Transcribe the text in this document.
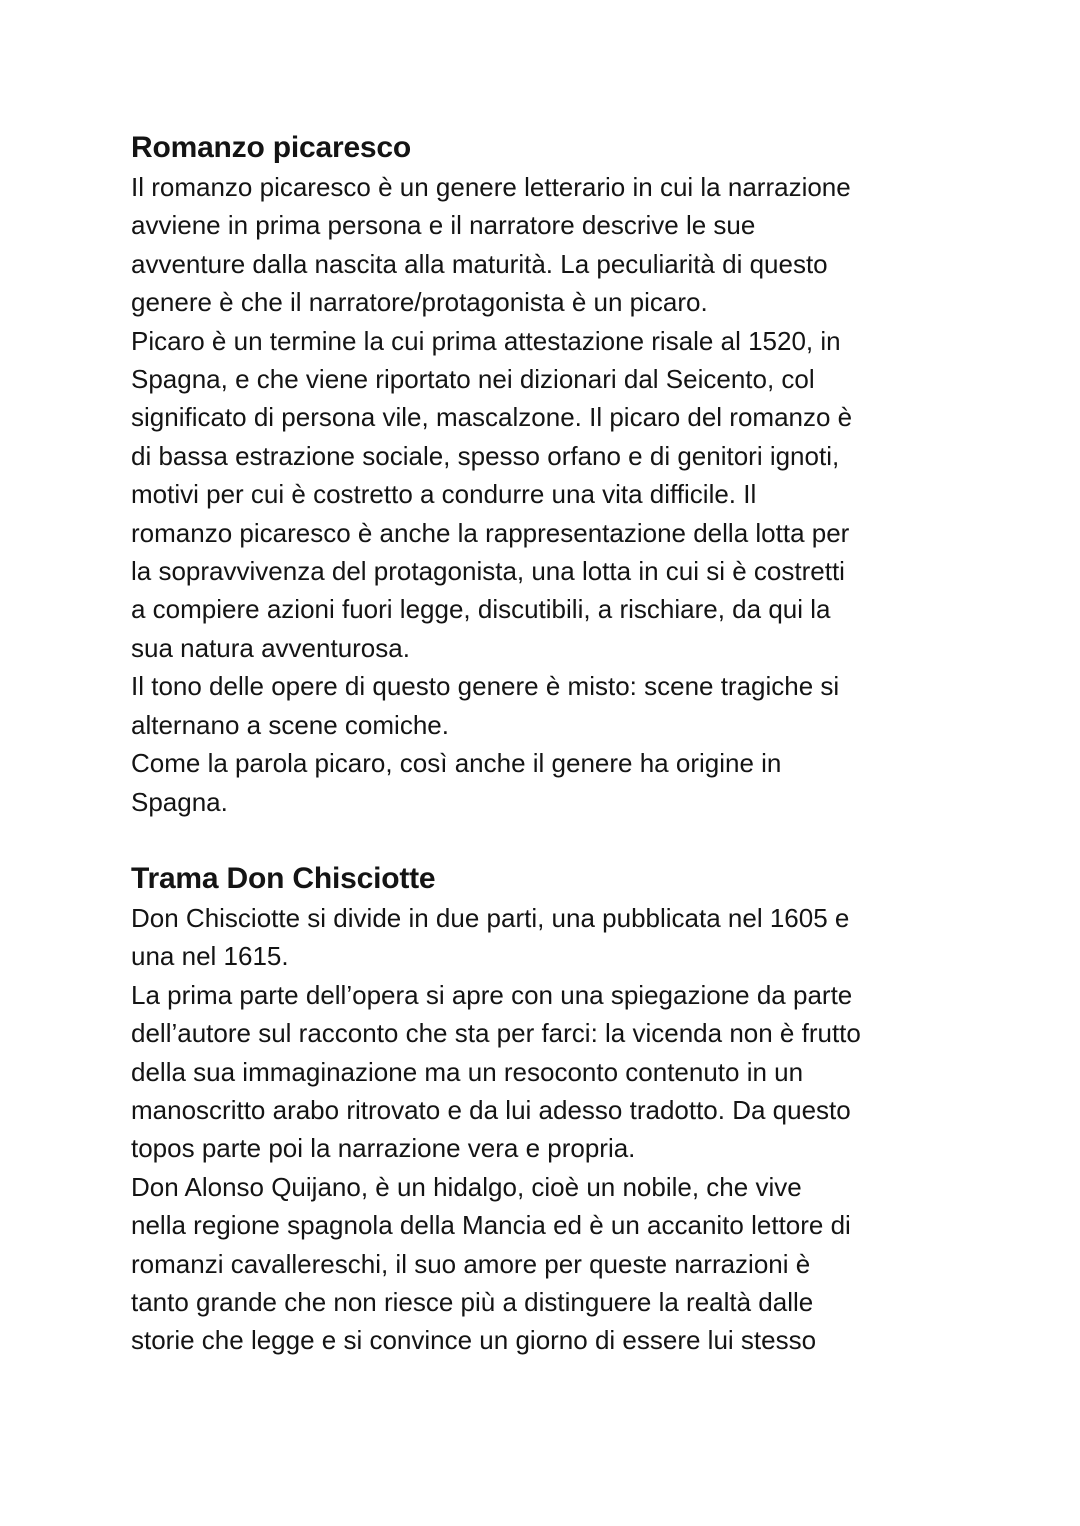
Romanzo picaresco
Il romanzo picaresco è un genere letterario in cui la narrazione
avviene in prima persona e il narratore descrive le sue
avventure dalla nascita alla maturità. La peculiarità di questo
genere è che il narratore/protagonista è un picaro.
Picaro è un termine la cui prima attestazione risale al 1520, in
Spagna, e che viene riportato nei dizionari dal Seicento, col
significato di persona vile, mascalzone. Il picaro del romanzo è
di bassa estrazione sociale, spesso orfano e di genitori ignoti,
motivi per cui è costretto a condurre una vita difficile. Il
romanzo picaresco è anche la rappresentazione della lotta per
la sopravvivenza del protagonista, una lotta in cui si è costretti
a compiere azioni fuori legge, discutibili, a rischiare, da qui la
sua natura avventurosa.
Il tono delle opere di questo genere è misto: scene tragiche si
alternano a scene comiche.
Come la parola picaro, così anche il genere ha origine in
Spagna.
Trama Don Chisciotte
Don Chisciotte si divide in due parti, una pubblicata nel 1605 e
una nel 1615.
La prima parte dell’opera si apre con una spiegazione da parte
dell’autore sul racconto che sta per farci: la vicenda non è frutto
della sua immaginazione ma un resoconto contenuto in un
manoscritto arabo ritrovato e da lui adesso tradotto. Da questo
topos parte poi la narrazione vera e propria.
Don Alonso Quijano, è un hidalgo, cioè un nobile, che vive
nella regione spagnola della Mancia ed è un accanito lettore di
romanzi cavallereschi, il suo amore per queste narrazioni è
tanto grande che non riesce più a distinguere la realtà dalle
storie che legge e si convince un giorno di essere lui stesso
